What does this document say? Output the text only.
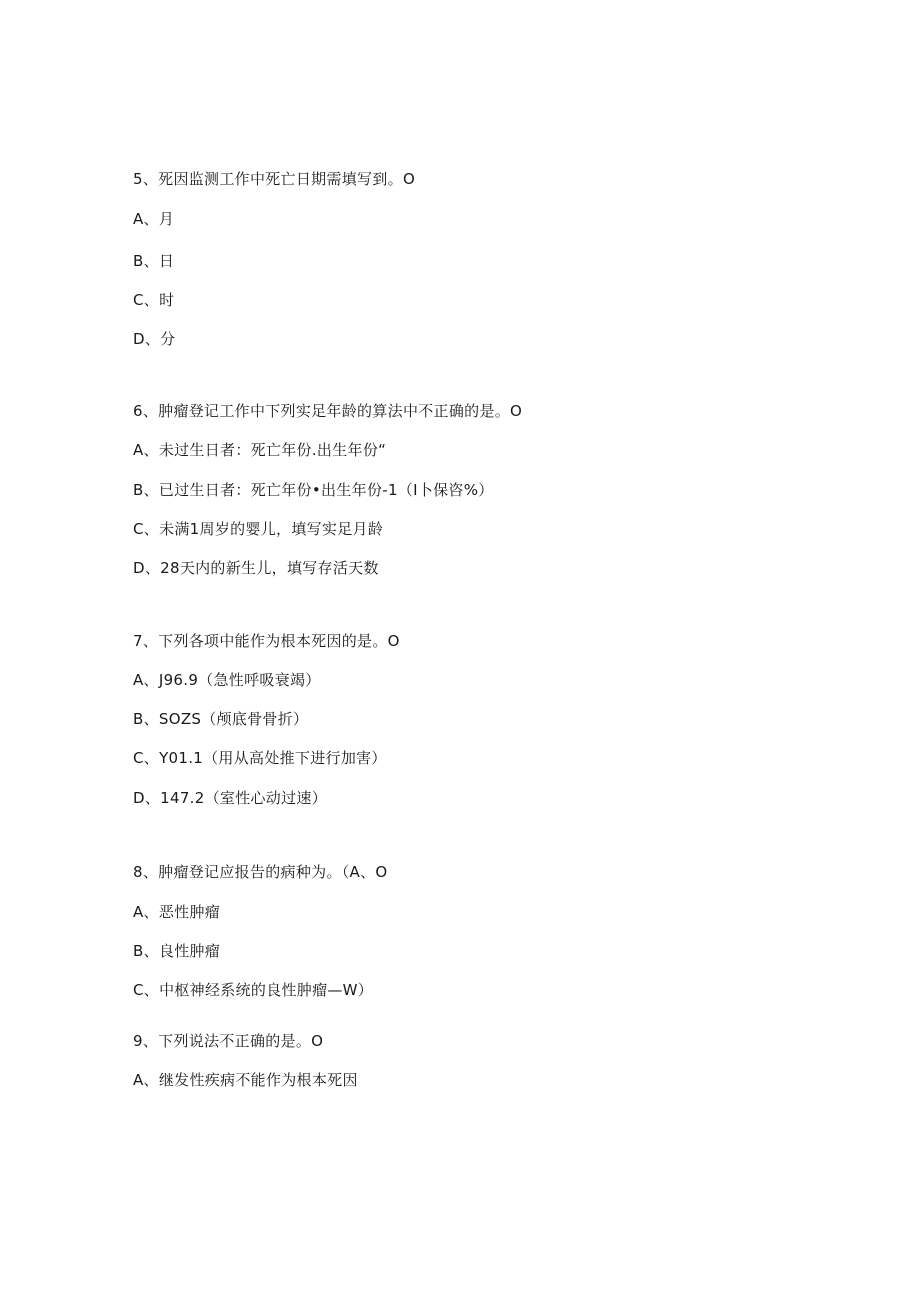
5、死因监测工作中死亡日期需填写到。O
A、月
B、日
C、时
D、分
6、肿瘤登记工作中下列实足年龄的算法中不正确的是。O
A、未过生日者：死亡年份.出生年份“
B、已过生日者：死亡年份•出生年份-1（I卜保咨%）
C、未满1周岁的婴儿，填写实足月龄
D、28天内的新生儿，填写存活天数
7、下列各项中能作为根本死因的是。O
A、J96.9（急性呼吸衰竭）
B、SOZS（颅底骨骨折）
C、Y01.1（用从高处推下进行加害）
D、147.2（室性心动过速）
8、肿瘤登记应报告的病种为。（A、O
A、恶性肿瘤
B、良性肿瘤
C、中枢神经系统的良性肿瘤—W）
9、下列说法不正确的是。O
A、继发性疾病不能作为根本死因
